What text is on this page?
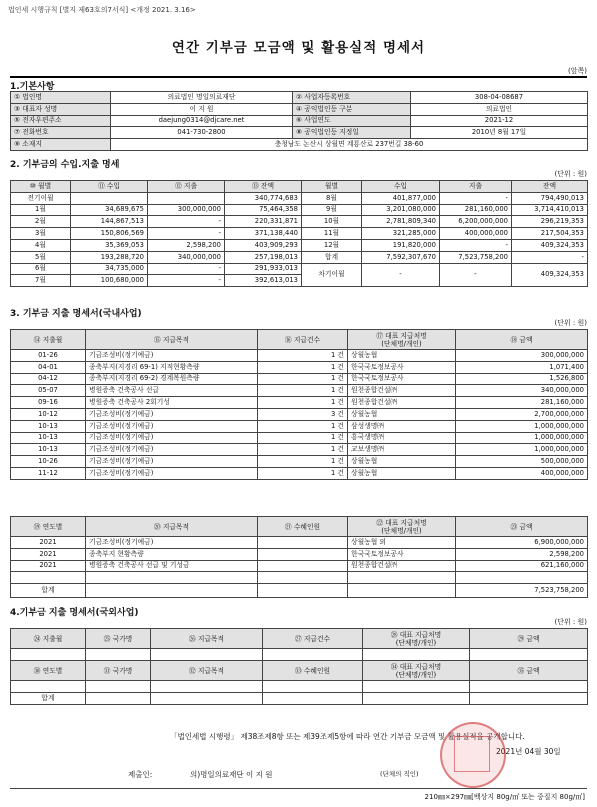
법인세 시행규칙 [별지 제63호의7서식] <개정 2021. 3.16>
연간 기부금 모금액 및 활용실적 명세서
(앞쪽)
1.기본사항
① 법인명	의료법인 명일의료재단	② 사업자등록번호	308-04-08687
③ 대표자 성명	이 지 원	④ 공익법인등 구분	의료법인
⑤ 전자우편주소	daejung0314@djcare.net	⑥ 사업연도	2021-12
⑦ 전화번호	041-730-2800	⑧ 공익법인등 지정일	2010년 8월 17일
⑨ 소재지	충청남도 논산시 상월면 계룡산로 237번길 38-60		
2. 기부금의 수입.지출 명세
(단위 : 원)
⑩ 월별	⑪ 수입	⑫ 지출	⑬ 잔액	월별	수입	지출	잔액
전기이월			340,774,683	8월	401,877,000	-	794,490,013
1월	34,689,675	300,000,000	75,464,358	9월	3,201,080,000	281,160,000	3,714,410,013
2월	144,867,513	-	220,331,871	10월	2,781,809,340	6,200,000,000	296,219,353
3월	150,806,569	-	371,138,440	11월	321,285,000	400,000,000	217,504,353
4월	35,369,053	2,598,200	403,909,293	12월	191,820,000	-	409,324,353
5월	193,288,720	340,000,000	257,198,013	합계	7,592,307,670	7,523,758,200	-
6월	34,735,000	-	291,933,013	차기이월	-	-	409,324,353
7월	100,680,000	-	392,613,013				
3. 기부금 지출 명세서(국내사업)
(단위 : 원)
⑭ 지출월	⑮ 지급목적	⑯ 지급건수	⑰ 대표 지급처명
(단체명/개인)	⑱ 금액
01-26	기금조성비(정기예금)	1 건	상월농협	300,000,000
04-01	종축부지(지경리 69-1) 지적현황측량	1 건	한국국토정보공사	1,071,400
04-12	종축부지(지경리 69-2) 경계복원측량	1 건	한국국토정보공사	1,526,800
05-07	병원증축 건축공사 선급	1 건	원천종합건설㈜	340,000,000
09-16	병원증축 건축공사 2회기성	1 건	원천종합건설㈜	281,160,000
10-12	기금조성비(정기예금)	3 건	상월농협	2,700,000,000
10-13	기금조성비(정기예금)	1 건	삼성생명㈜	1,000,000,000
10-13	기금조성비(정기예금)	1 건	흥국생명㈜	1,000,000,000
10-13	기금조성비(정기예금)	1 건	교보생명㈜	1,000,000,000
10-26	기금조성비(정기예금)	1 건	상월농협	500,000,000
11-12	기금조성비(정기예금)	1 건	상월농협	400,000,000
⑲ 연도별	⑳ 지급목적	㉑ 수혜인원	㉒ 대표 지급처명
(단체명/개인)	㉓ 금액
2021	기금조성비(정기예금)		상월농협 외	6,900,000,000
2021	종축부지 현황측량		한국국토정보공사	2,598,200
2021	병원증축 건축공사 선급 및 기성금		원천종합건설㈜	621,160,000

합계				7,523,758,200
4.기부금 지출 명세서(국외사업)
(단위 : 원)
㉔ 지출월	㉕ 국가명	㉖ 지급목적	㉗ 지급건수	㉘ 대표 지급처명
(단체명/개인)	㉙ 금액

㉚ 연도별	㉛ 국가명	㉜ 지급목적	㉝ 수혜인원	㉞ 대표 지급처명
(단체명/개인)	㉟ 금액

합계					
「법인세법 시행령」 제38조제8항 또는 제39조제5항에 따라 연간 기부금 모금액 및 활용실적을 공개합니다.
2021년 04월 30일
제출인:	의)명일의료재단 이 지 원	(단체의 직인)
210㎜×297㎜[백상지 80g/㎡ 또는 중질지 80g/㎡]
